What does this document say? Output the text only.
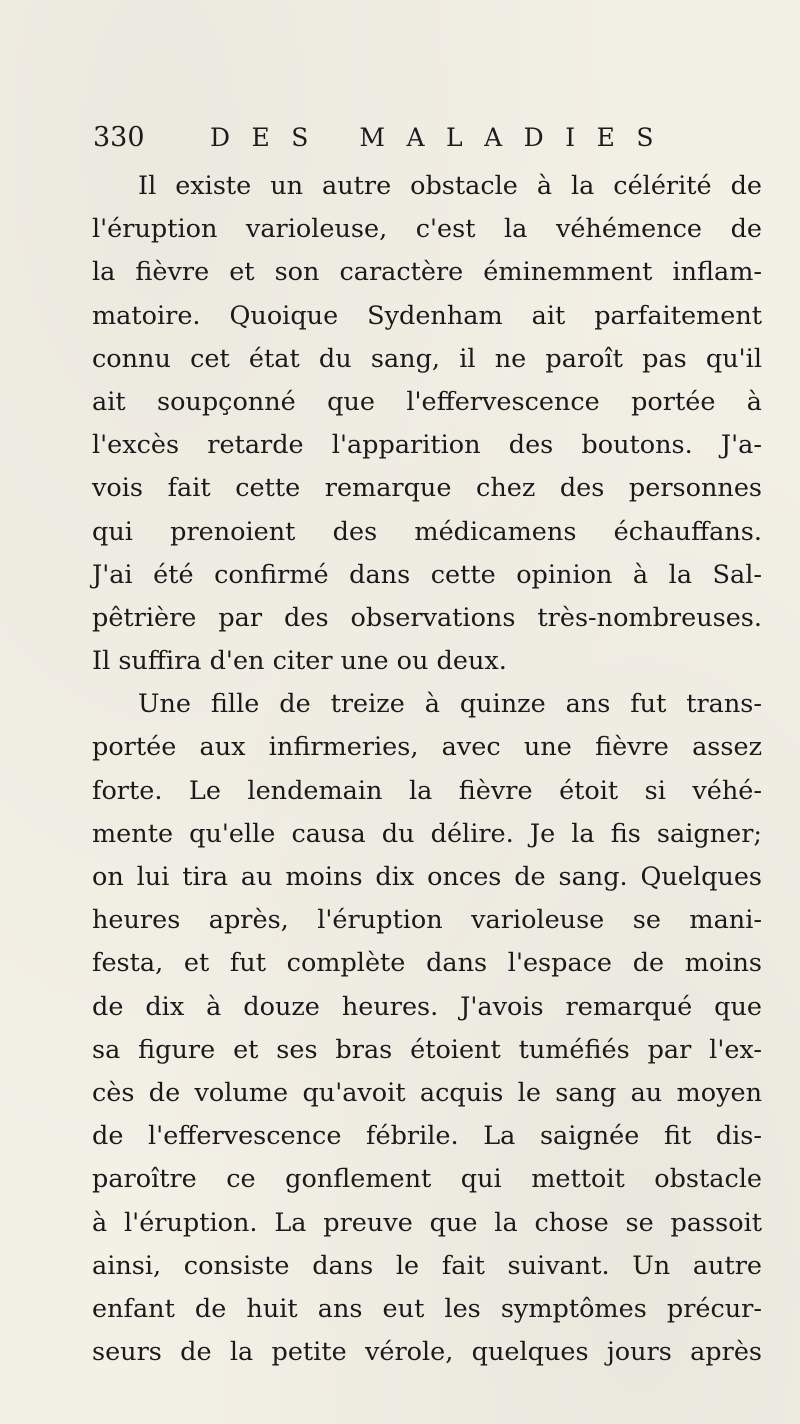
330	DES MALADIES
Il existe un autre obstacle à la célérité de
l'éruption varioleuse, c'est la véhémence de
la fièvre et son caractère éminemment inflam-
matoire. Quoique Sydenham ait parfaitement
connu cet état du sang, il ne paroît pas qu'il
ait soupçonné que l'effervescence portée à
l'excès retarde l'apparition des boutons. J'a-
vois fait cette remarque chez des personnes
qui prenoient des médicamens échauffans.
J'ai été confirmé dans cette opinion à la Sal-
pêtrière par des observations très-nombreuses.
Il suffira d'en citer une ou deux.
Une fille de treize à quinze ans fut trans-
portée aux infirmeries, avec une fièvre assez
forte. Le lendemain la fièvre étoit si véhé-
mente qu'elle causa du délire. Je la fis saigner;
on lui tira au moins dix onces de sang. Quelques
heures après, l'éruption varioleuse se mani-
festa, et fut complète dans l'espace de moins
de dix à douze heures. J'avois remarqué que
sa figure et ses bras étoient tuméfiés par l'ex-
cès de volume qu'avoit acquis le sang au moyen
de l'effervescence fébrile. La saignée fit dis-
paroître ce gonflement qui mettoit obstacle
à l'éruption. La preuve que la chose se passoit
ainsi, consiste dans le fait suivant. Un autre
enfant de huit ans eut les symptômes précur-
seurs de la petite vérole, quelques jours après
